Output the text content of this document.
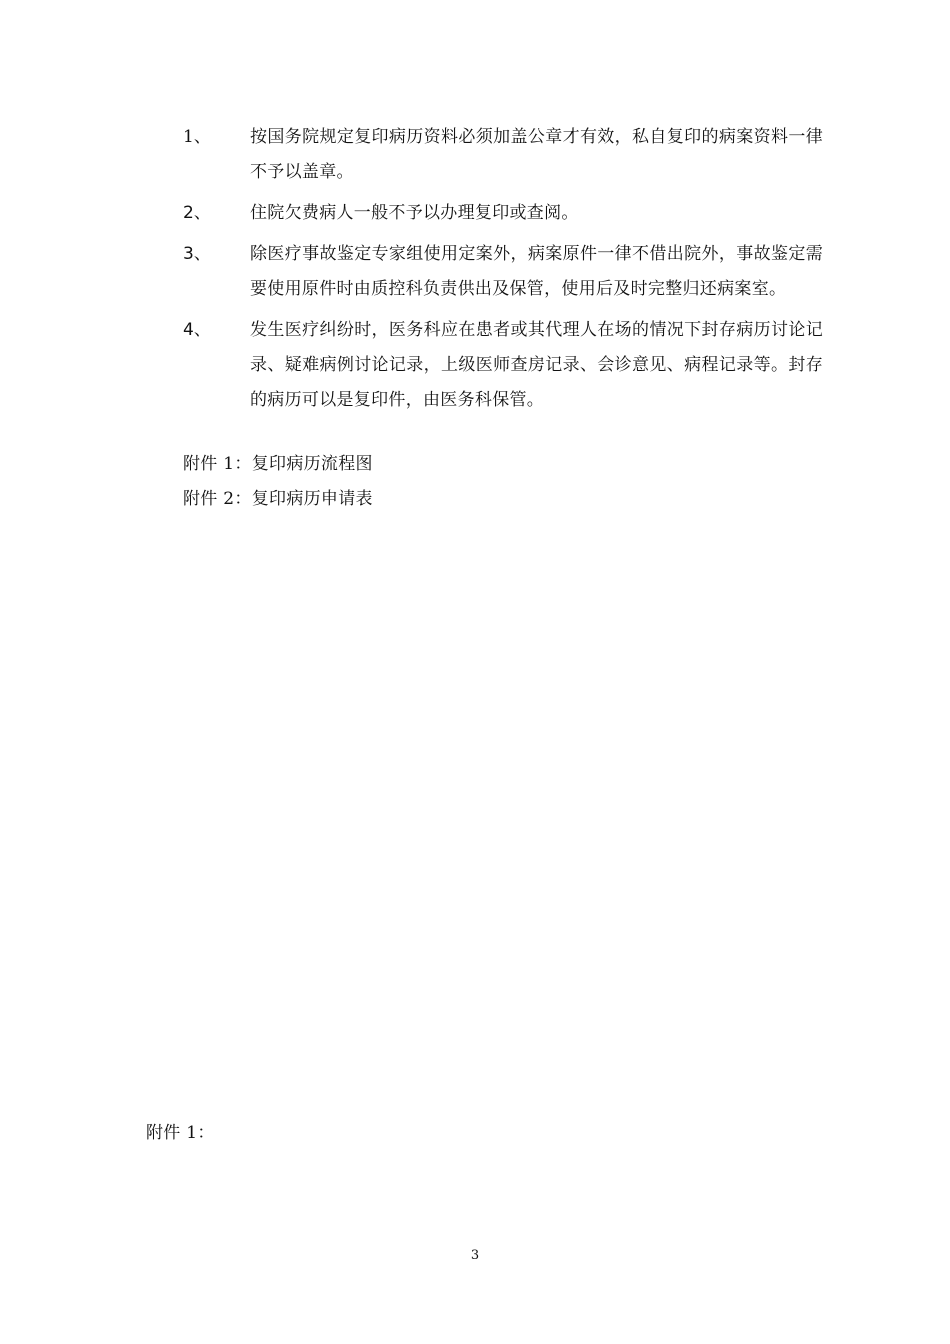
1、	按国务院规定复印病历资料必须加盖公章才有效，私自复印的病案资料一律不予以盖章。
2、	住院欠费病人一般不予以办理复印或查阅。
3、	除医疗事故鉴定专家组使用定案外，病案原件一律不借出院外，事故鉴定需要使用原件时由质控科负责供出及保管，使用后及时完整归还病案室。
4、	发生医疗纠纷时，医务科应在患者或其代理人在场的情况下封存病历讨论记录、疑难病例讨论记录，上级医师查房记录、会诊意见、病程记录等。封存的病历可以是复印件，由医务科保管。
附件 1：复印病历流程图
附件 2：复印病历申请表
附件 1：
3
